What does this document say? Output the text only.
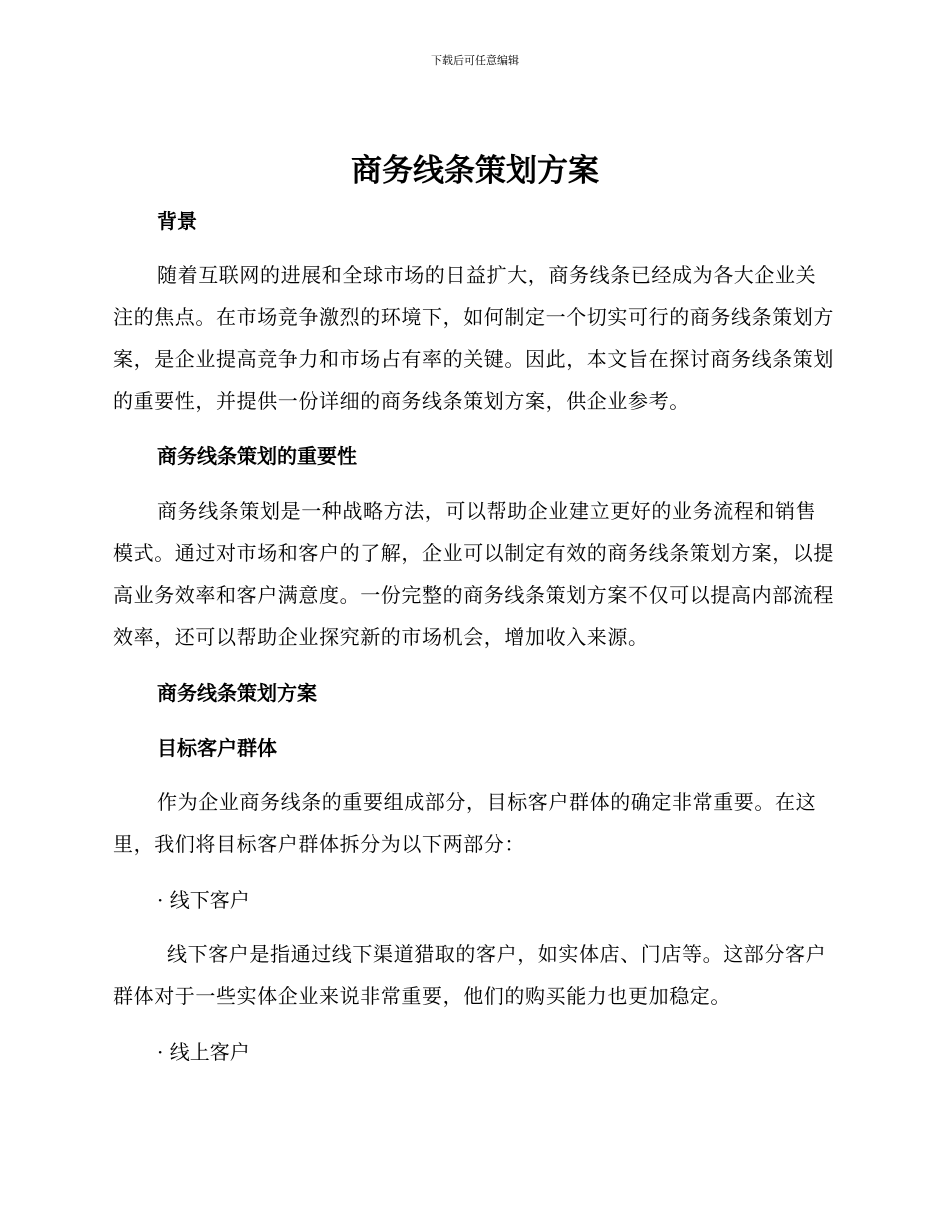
下载后可任意编辑
商务线条策划方案
背景

随着互联网的进展和全球市场的日益扩大，商务线条已经成为各大企业关注的焦点。在市场竞争激烈的环境下，如何制定一个切实可行的商务线条策划方案，是企业提高竞争力和市场占有率的关键。因此，本文旨在探讨商务线条策划的重要性，并提供一份详细的商务线条策划方案，供企业参考。

商务线条策划的重要性

商务线条策划是一种战略方法，可以帮助企业建立更好的业务流程和销售模式。通过对市场和客户的了解，企业可以制定有效的商务线条策划方案，以提高业务效率和客户满意度。一份完整的商务线条策划方案不仅可以提高内部流程效率，还可以帮助企业探究新的市场机会，增加收入来源。

商务线条策划方案
目标客户群体

作为企业商务线条的重要组成部分，目标客户群体的确定非常重要。在这里，我们将目标客户群体拆分为以下两部分：

· 线下客户

线下客户是指通过线下渠道猎取的客户，如实体店、门店等。这部分客户群体对于一些实体企业来说非常重要，他们的购买能力也更加稳定。

· 线上客户
